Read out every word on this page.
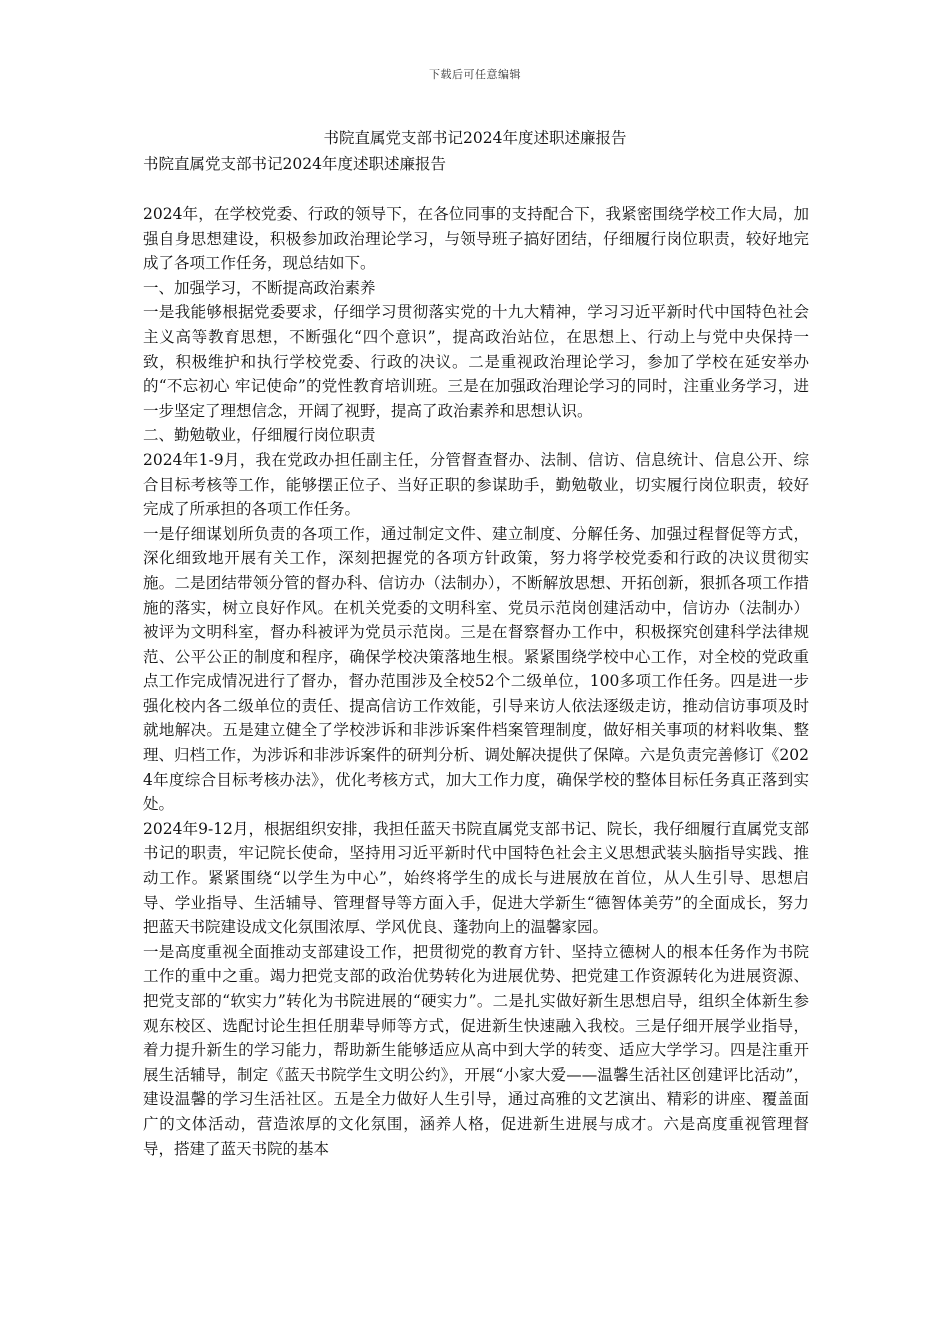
下载后可任意编辑
书院直属党支部书记2024年度述职述廉报告
书院直属党支部书记2024年度述职述廉报告

2024年，在学校党委、行政的领导下，在各位同事的支持配合下，我紧密围绕学校工作大局，加强自身思想建设，积极参加政治理论学习，与领导班子搞好团结，仔细履行岗位职责，较好地完成了各项工作任务，现总结如下。

一、加强学习，不断提高政治素养

一是我能够根据党委要求，仔细学习贯彻落实党的十九大精神，学习习近平新时代中国特色社会主义高等教育思想，不断强化“四个意识”，提高政治站位，在思想上、行动上与党中央保持一致，积极维护和执行学校党委、行政的决议。二是重视政治理论学习，参加了学校在延安举办的“不忘初心 牢记使命”的党性教育培训班。三是在加强政治理论学习的同时，注重业务学习，进一步坚定了理想信念，开阔了视野，提高了政治素养和思想认识。

二、勤勉敬业，仔细履行岗位职责

2024年1-9月，我在党政办担任副主任，分管督查督办、法制、信访、信息统计、信息公开、综合目标考核等工作，能够摆正位子、当好正职的参谋助手，勤勉敬业，切实履行岗位职责，较好完成了所承担的各项工作任务。

一是仔细谋划所负责的各项工作，通过制定文件、建立制度、分解任务、加强过程督促等方式，深化细致地开展有关工作，深刻把握党的各项方针政策，努力将学校党委和行政的决议贯彻实施。二是团结带领分管的督办科、信访办（法制办），不断解放思想、开拓创新，狠抓各项工作措施的落实，树立良好作风。在机关党委的文明科室、党员示范岗创建活动中，信访办（法制办）被评为文明科室，督办科被评为党员示范岗。三是在督察督办工作中，积极探究创建科学法律规范、公平公正的制度和程序，确保学校决策落地生根。紧紧围绕学校中心工作，对全校的党政重点工作完成情况进行了督办，督办范围涉及全校52个二级单位，100多项工作任务。四是进一步强化校内各二级单位的责任、提高信访工作效能，引导来访人依法逐级走访，推动信访事项及时就地解决。五是建立健全了学校涉诉和非涉诉案件档案管理制度，做好相关事项的材料收集、整理、归档工作，为涉诉和非涉诉案件的研判分析、调处解决提供了保障。六是负责完善修订《2024年度综合目标考核办法》，优化考核方式，加大工作力度，确保学校的整体目标任务真正落到实处。

2024年9-12月，根据组织安排，我担任蓝天书院直属党支部书记、院长，我仔细履行直属党支部书记的职责，牢记院长使命，坚持用习近平新时代中国特色社会主义思想武装头脑指导实践、推动工作。紧紧围绕“以学生为中心”，始终将学生的成长与进展放在首位，从人生引导、思想启导、学业指导、生活辅导、管理督导等方面入手，促进大学新生“德智体美劳”的全面成长，努力把蓝天书院建设成文化氛围浓厚、学风优良、蓬勃向上的温馨家园。

一是高度重视全面推动支部建设工作，把贯彻党的教育方针、坚持立德树人的根本任务作为书院工作的重中之重。竭力把党支部的政治优势转化为进展优势、把党建工作资源转化为进展资源、把党支部的“软实力”转化为书院进展的“硬实力”。二是扎实做好新生思想启导，组织全体新生参观东校区、选配讨论生担任朋辈导师等方式，促进新生快速融入我校。三是仔细开展学业指导，着力提升新生的学习能力，帮助新生能够适应从高中到大学的转变、适应大学学习。四是注重开展生活辅导，制定《蓝天书院学生文明公约》，开展“小家大爱——温馨生活社区创建评比活动”，建设温馨的学习生活社区。五是全力做好人生引导，通过高雅的文艺演出、精彩的讲座、覆盖面广的文体活动，营造浓厚的文化氛围，涵养人格，促进新生进展与成才。六是高度重视管理督导，搭建了蓝天书院的基本
